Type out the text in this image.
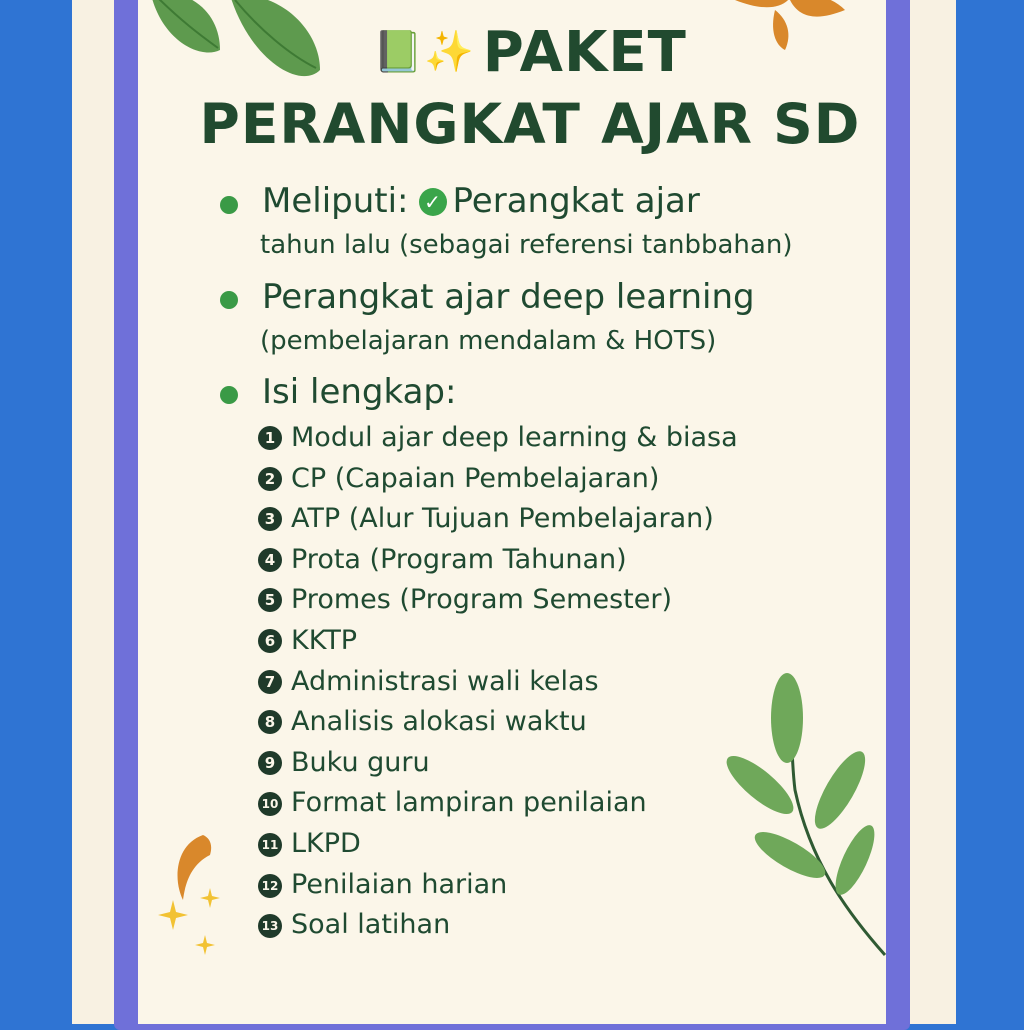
📗✨ PAKET
PERANGKAT AJAR SD
Meliputi: ✓ Perangkat ajar
tahun lalu (sebagai referensi tanbbahan)
Perangkat ajar deep learning
(pembelajaran mendalam & HOTS)
Isi lengkap:
1 Modul ajar deep learning & biasa
2 CP (Capaian Pembelajaran)
3 ATP (Alur Tujuan Pembelajaran)
4 Prota (Program Tahunan)
5 Promes (Program Semester)
6 KKTP
7 Administrasi wali kelas
8 Analisis alokasi waktu
9 Buku guru
10 Format lampiran penilaian
11 LKPD
12 Penilaian harian
13 Soal latihan
